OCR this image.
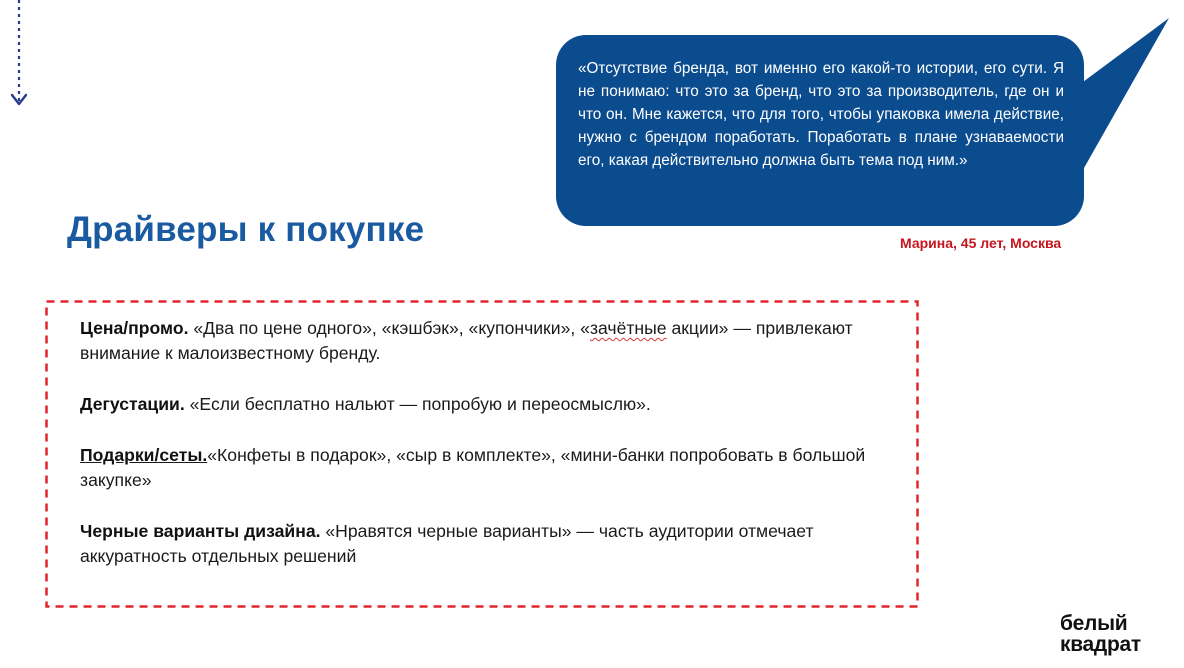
«Отсутствие бренда, вот именно его какой-то истории, его сути. Я не понимаю: что это за бренд, что это за производитель, где он и что он. Мне кажется, что для того, чтобы упаковка имела действие, нужно с брендом поработать. Поработать в плане узнаваемости его, какая действительно должна быть тема под ним.»

Марина, 45 лет, Москва
Драйверы к покупке
Цена/промо. «Два по цене одного», «кэшбэк», «купончики», «зачётные акции» — привлекают внимание к малоизвестному бренду.
Дегустации. «Если бесплатно нальют — попробую и переосмыслю».
Подарки/сеты.«Конфеты в подарок», «сыр в комплекте», «мини-банки попробовать в большой закупке»
Черные варианты дизайна. «Нравятся черные варианты» — часть аудитории отмечает аккуратность отдельных решений
белый
квадрат
